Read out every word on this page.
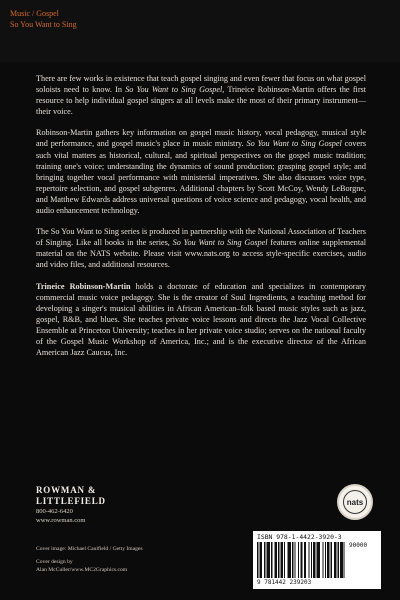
Music / Gospel
So You Want to Sing

There are few works in existence that teach gospel singing and even fewer that focus on what gospel soloists need to know. In So You Want to Sing Gospel, Trineice Robinson-Martin offers the first resource to help individual gospel singers at all levels make the most of their primary instrument—their voice.

Robinson-Martin gathers key information on gospel music history, vocal pedagogy, musical style and performance, and gospel music's place in music ministry. So You Want to Sing Gospel covers such vital matters as historical, cultural, and spiritual perspectives on the gospel music tradition; training one's voice; understanding the dynamics of sound production; grasping gospel style; and bringing together vocal performance with ministerial imperatives. She also discusses voice type, repertoire selection, and gospel subgenres. Additional chapters by Scott McCoy, Wendy LeBorgne, and Matthew Edwards address universal questions of voice science and pedagogy, vocal health, and audio enhancement technology.

The So You Want to Sing series is produced in partnership with the National Association of Teachers of Singing. Like all books in the series, So You Want to Sing Gospel features online supplemental material on the NATS website. Please visit www.nats.org to access style-specific exercises, audio and video files, and additional resources.

Trineice Robinson-Martin holds a doctorate of education and specializes in contemporary commercial music voice pedagogy. She is the creator of Soul Ingredients, a teaching method for developing a singer's musical abilities in African American–folk based music styles such as jazz, gospel, R&B, and blues. She teaches private voice lessons and directs the Jazz Vocal Collective Ensemble at Princeton University; teaches in her private voice studio; serves on the national faculty of the Gospel Music Workshop of America, Inc.; and is the executive director of the African American Jazz Caucus, Inc.

ROWMAN &
LITTLEFIELD
800-462-6420
www.rowman.com
nats
Cover image: Michael Caulfield / Getty Images
Cover design by
Alan McCuller/www.MC2Graphics.com
ISBN 978-1-4422-3920-3
90000
9 781442 239203
